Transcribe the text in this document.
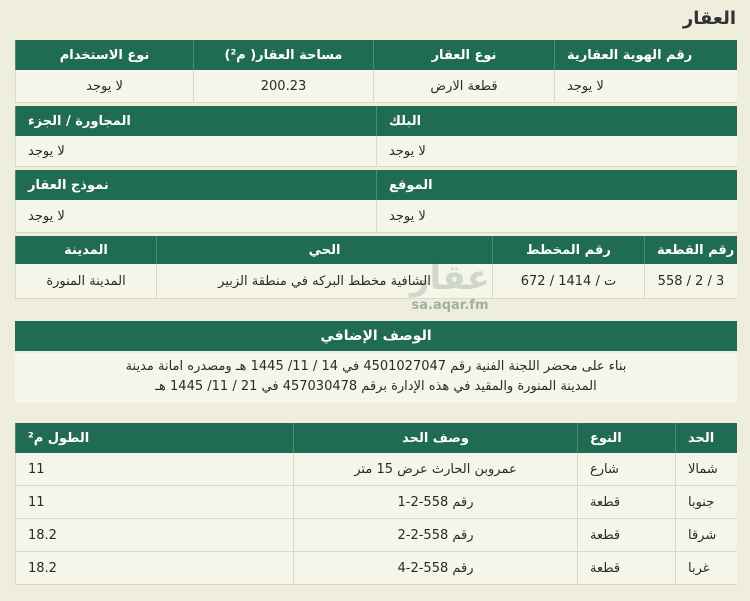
العقار
رقم الهوية العقارية
نوع العقار
مساحة العقار( م²)
نوع الاستخدام
لا يوجد
قطعة الارض
200.23
لا يوجد
البلك
المجاورة / الجزء
لا يوجد
لا يوجد
الموقع
نموذج العقار
لا يوجد
لا يوجد
رقم القطعة
رقم المخطط
الحي
المدينة
558 / 2 / 3
672 / ت / 1414
الشافية مخطط البركه في منطقة الزبير
المدينة المنورة	عقار
sa.aqar.fm
الوصف الإضافي
بناء على محضر اللجنة الفنية رقم 4501027047 في 14 / 11/ 1445 هـ ومصدره امانة مدينة
المدينة المنورة والمقيد في هذه الإدارة برقم 457030478 في 21 / 11/ 1445 هـ
الحد
النوع
وصف الحد
الطول م²
شمالا
شارع
عمروبن الحارث عرض 15 متر
11
جنوبا
قطعة
رقم 558-2-1
11
شرقا
قطعة
رقم 558-2-2
18.2
غربا
قطعة
رقم 558-2-4
18.2
